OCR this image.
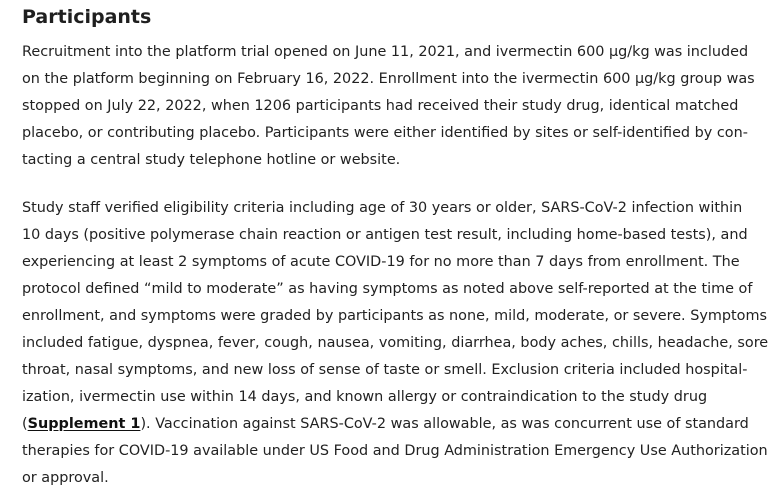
Participants

Recruitment into the platform trial opened on June 11, 2021, and ivermectin 600 μg/kg was included
on the platform beginning on February 16, 2022. Enrollment into the ivermectin 600 μg/kg group was
stopped on July 22, 2022, when 1206 participants had received their study drug, identical matched
placebo, or contributing placebo. Participants were either identified by sites or self-identified by con-
tacting a central study telephone hotline or website.

Study staff verified eligibility criteria including age of 30 years or older, SARS-CoV-2 infection within
10 days (positive polymerase chain reaction or antigen test result, including home-based tests), and
experiencing at least 2 symptoms of acute COVID-19 for no more than 7 days from enrollment. The
protocol defined “mild to moderate” as having symptoms as noted above self-reported at the time of
enrollment, and symptoms were graded by participants as none, mild, moderate, or severe. Symptoms
included fatigue, dyspnea, fever, cough, nausea, vomiting, diarrhea, body aches, chills, headache, sore
throat, nasal symptoms, and new loss of sense of taste or smell. Exclusion criteria included hospital-
ization, ivermectin use within 14 days, and known allergy or contraindication to the study drug
(Supplement 1). Vaccination against SARS-CoV-2 was allowable, as was concurrent use of standard
therapies for COVID-19 available under US Food and Drug Administration Emergency Use Authorization
or approval.
